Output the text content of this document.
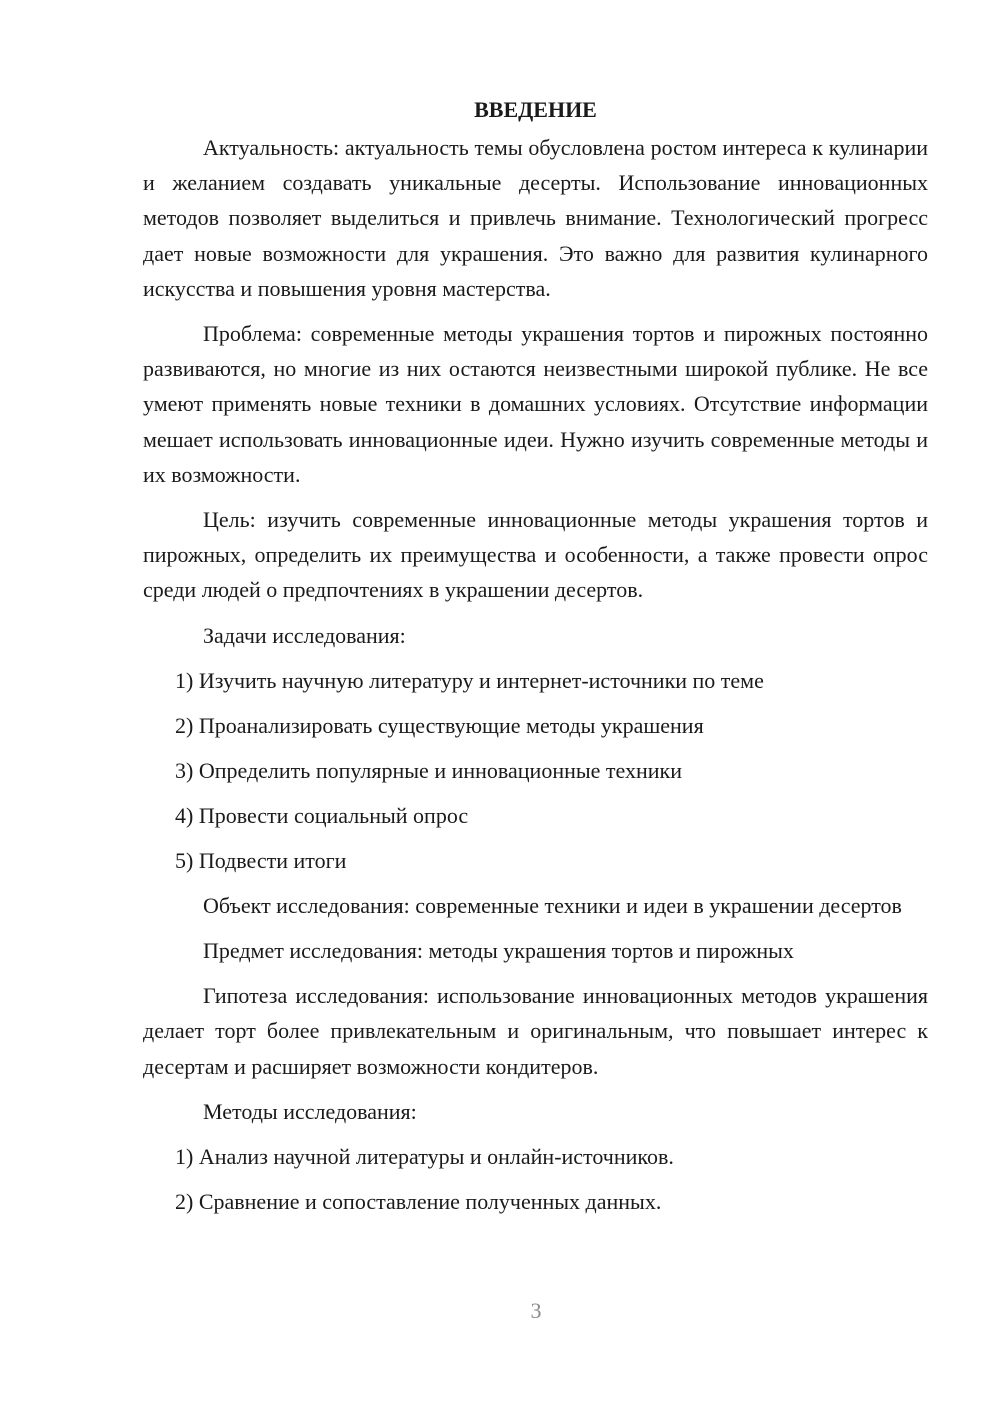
ВВЕДЕНИЕ

Актуальность: актуальность темы обусловлена ростом интереса к кулинарии и желанием создавать уникальные десерты. Использование инновационных методов позволяет выделиться и привлечь внимание. Технологический прогресс дает новые возможности для украшения. Это важно для развития кулинарного искусства и повышения уровня мастерства.

Проблема: современные методы украшения тортов и пирожных постоянно развиваются, но многие из них остаются неизвестными широкой публике. Не все умеют применять новые техники в домашних условиях. Отсутствие информации мешает использовать инновационные идеи. Нужно изучить современные методы и их возможности.

Цель: изучить современные инновационные методы украшения тортов и пирожных, определить их преимущества и особенности, а также провести опрос среди людей о предпочтениях в украшении десертов.

Задачи исследования:

1) Изучить научную литературу и интернет-источники по теме

2) Проанализировать существующие методы украшения

3) Определить популярные и инновационные техники

4) Провести социальный опрос

5) Подвести итоги

Объект исследования: современные техники и идеи в украшении десертов

Предмет исследования: методы украшения тортов и пирожных

Гипотеза исследования: использование инновационных методов украшения делает торт более привлекательным и оригинальным, что повышает интерес к десертам и расширяет возможности кондитеров.

Методы исследования:

1) Анализ научной литературы и онлайн-источников.

2) Сравнение и сопоставление полученных данных.

3
